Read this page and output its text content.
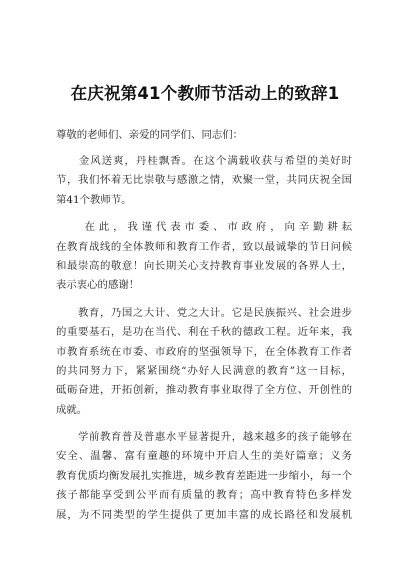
在庆祝第41个教师节活动上的致辞1
尊敬的老师们、亲爱的同学们、同志们：
　　金风送爽，丹桂飘香。在这个满载收获与希望的美好时
节，我们怀着无比崇敬与感激之情，欢聚一堂，共同庆祝全国
第41个教师节。
　　在此，我谨代表市委、市政府，向辛勤耕耘
在教育战线的全体教师和教育工作者，致以最诚挚的节日问候
和最崇高的敬意！向长期关心支持教育事业发展的各界人士，
表示衷心的感谢！
　　教育，乃国之大计、党之大计。它是民族振兴、社会进步
的重要基石，是功在当代、利在千秋的德政工程。近年来，我
市教育系统在市委、市政府的坚强领导下，在全体教育工作者
的共同努力下，紧紧围绕“办好人民满意的教育”这一目标，
砥砺奋进，开拓创新，推动教育事业取得了全方位、开创性的
成就。
　　学前教育普及普惠水平显著提升，越来越多的孩子能够在
安全、温馨、富有童趣的环境中开启人生的美好篇章；义务
教育优质均衡发展扎实推进，城乡教育差距进一步缩小，每一个
孩子都能享受到公平而有质量的教育；高中教育特色多样发
展，为不同类型的学生提供了更加丰富的成长路径和发展机
